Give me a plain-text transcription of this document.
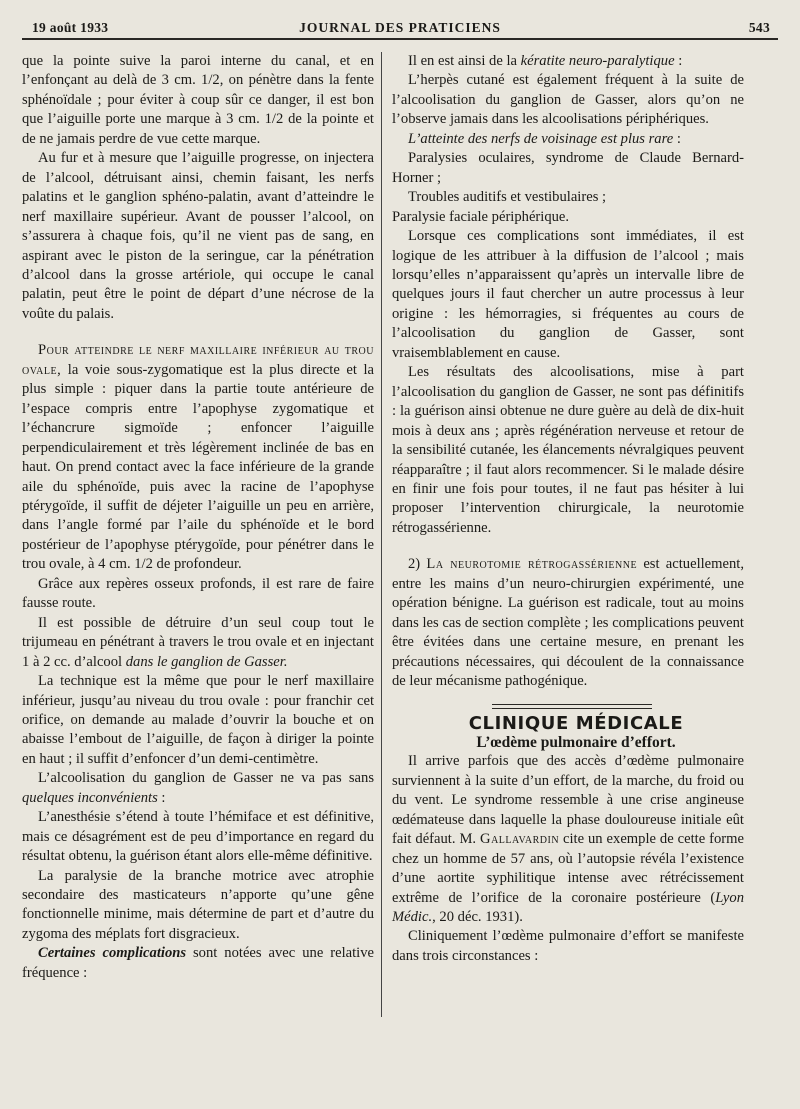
19 août 1933	JOURNAL DES PRATICIENS	543

que la pointe suive la paroi interne du canal, et en l’enfonçant au delà de 3 cm. 1/2, on pénètre dans la fente sphénoïdale ; pour éviter à coup sûr ce danger, il est bon que l’aiguille porte une marque à 3 cm. 1/2 de la pointe et de ne jamais perdre de vue cette marque.

Au fur et à mesure que l’aiguille progresse, on injectera de l’alcool, détruisant ainsi, chemin faisant, les nerfs palatins et le ganglion sphéno-palatin, avant d’atteindre le nerf maxillaire supérieur. Avant de pousser l’alcool, on s’assurera à chaque fois, qu’il ne vient pas de sang, en aspirant avec le piston de la seringue, car la pénétration d’alcool dans la grosse artériole, qui occupe le canal palatin, peut être le point de départ d’une nécrose de la voûte du palais.

Pour atteindre le nerf maxillaire inférieur au trou ovale, la voie sous-zygomatique est la plus directe et la plus simple : piquer dans la partie toute antérieure de l’espace compris entre l’apophyse zygomatique et l’échancrure sigmoïde ; enfoncer l’aiguille perpendiculairement et très légèrement inclinée de bas en haut. On prend contact avec la face inférieure de la grande aile du sphénoïde, puis avec la racine de l’apophyse ptérygoïde, il suffit de déjeter l’aiguille un peu en arrière, dans l’angle formé par l’aile du sphénoïde et le bord postérieur de l’apophyse ptérygoïde, pour pénétrer dans le trou ovale, à 4 cm. 1/2 de profondeur.

Grâce aux repères osseux profonds, il est rare de faire fausse route.

Il est possible de détruire d’un seul coup tout le trijumeau en pénétrant à travers le trou ovale et en injectant 1 à 2 cc. d’alcool dans le ganglion de Gasser.

La technique est la même que pour le nerf maxillaire inférieur, jusqu’au niveau du trou ovale : pour franchir cet orifice, on demande au malade d’ouvrir la bouche et on abaisse l’embout de l’aiguille, de façon à diriger la pointe en haut ; il suffit d’enfoncer d’un demi-centimètre.

L’alcoolisation du ganglion de Gasser ne va pas sans quelques inconvénients :

L’anesthésie s’étend à toute l’hémiface et est définitive, mais ce désagrément est de peu d’importance en regard du résultat obtenu, la guérison étant alors elle-même définitive.

La paralysie de la branche motrice avec atrophie secondaire des masticateurs n’apporte qu’une gêne fonctionnelle minime, mais détermine de part et d’autre du zygoma des méplats fort disgracieux.

Certaines complications sont notées avec une relative fréquence :

Il en est ainsi de la kératite neuro-paralytique :

L’herpès cutané est également fréquent à la suite de l’alcoolisation du ganglion de Gasser, alors qu’on ne l’observe jamais dans les alcoolisations périphériques.

L’atteinte des nerfs de voisinage est plus rare :

Paralysies oculaires, syndrome de Claude Bernard-Horner ;

Troubles auditifs et vestibulaires ;

Paralysie faciale périphérique.

Lorsque ces complications sont immédiates, il est logique de les attribuer à la diffusion de l’alcool ; mais lorsqu’elles n’apparaissent qu’après un intervalle libre de quelques jours il faut chercher un autre processus à leur origine : les hémorragies, si fréquentes au cours de l’alcoolisation du ganglion de Gasser, sont vraisemblablement en cause.

Les résultats des alcoolisations, mise à part l’alcoolisation du ganglion de Gasser, ne sont pas définitifs : la guérison ainsi obtenue ne dure guère au delà de dix-huit mois à deux ans ; après régénération nerveuse et retour de la sensibilité cutanée, les élancements névralgiques peuvent réapparaître ; il faut alors recommencer. Si le malade désire en finir une fois pour toutes, il ne faut pas hésiter à lui proposer l’intervention chirurgicale, la neurotomie rétrogassérienne.

2) La neurotomie rétrogassérienne est actuellement, entre les mains d’un neuro-chirurgien expérimenté, une opération bénigne. La guérison est radicale, tout au moins dans les cas de section complète ; les complications peuvent être évitées dans une certaine mesure, en prenant les précautions nécessaires, qui découlent de la connaissance de leur mécanisme pathogénique.

CLINIQUE MÉDICALE

L’œdème pulmonaire d’effort.

Il arrive parfois que des accès d’œdème pulmonaire surviennent à la suite d’un effort, de la marche, du froid ou du vent. Le syndrome ressemble à une crise angineuse œdémateuse dans laquelle la phase douloureuse initiale eût fait défaut. M. Gallavardin cite un exemple de cette forme chez un homme de 57 ans, où l’autopsie révéla l’existence d’une aortite syphilitique intense avec rétrécissement extrême de l’orifice de la coronaire postérieure (Lyon Médic., 20 déc. 1931).

Cliniquement l’œdème pulmonaire d’effort se manifeste dans trois circonstances :
